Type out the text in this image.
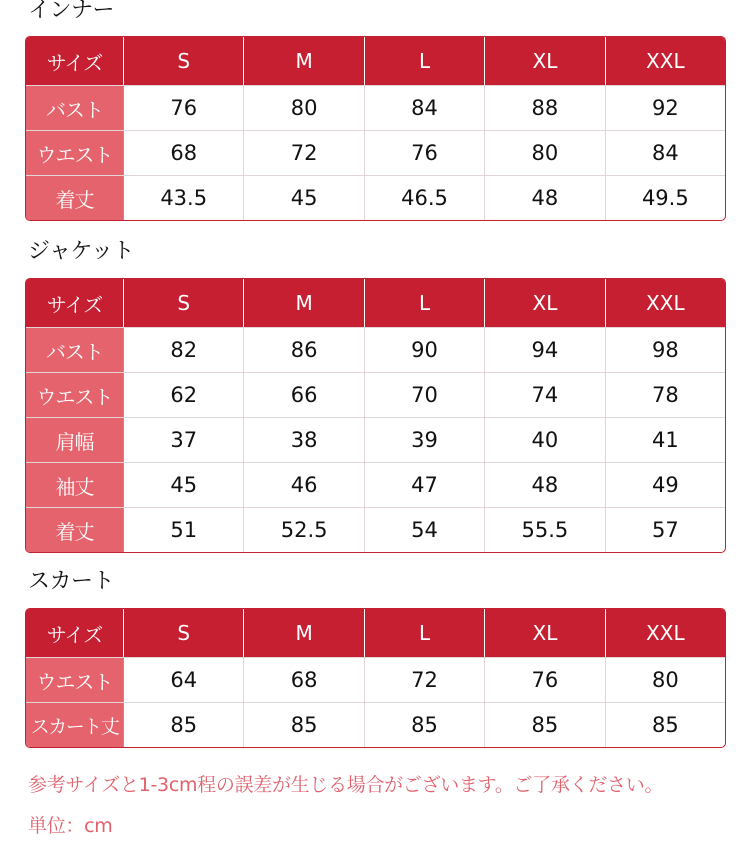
インナー
サイズ	S	M	L	XL	XXL
バスト	76	80	84	88	92
ウエスト	68	72	76	80	84
着丈	43.5	45	46.5	48	49.5
ジャケット
サイズ	S	M	L	XL	XXL
バスト	82	86	90	94	98
ウエスト	62	66	70	74	78
肩幅	37	38	39	40	41
袖丈	45	46	47	48	49
着丈	51	52.5	54	55.5	57
スカート
サイズ	S	M	L	XL	XXL
ウエスト	64	68	72	76	80
スカート丈	85	85	85	85	85
参考サイズと1-3cm程の誤差が生じる場合がございます。ご了承ください。
単位：cm
